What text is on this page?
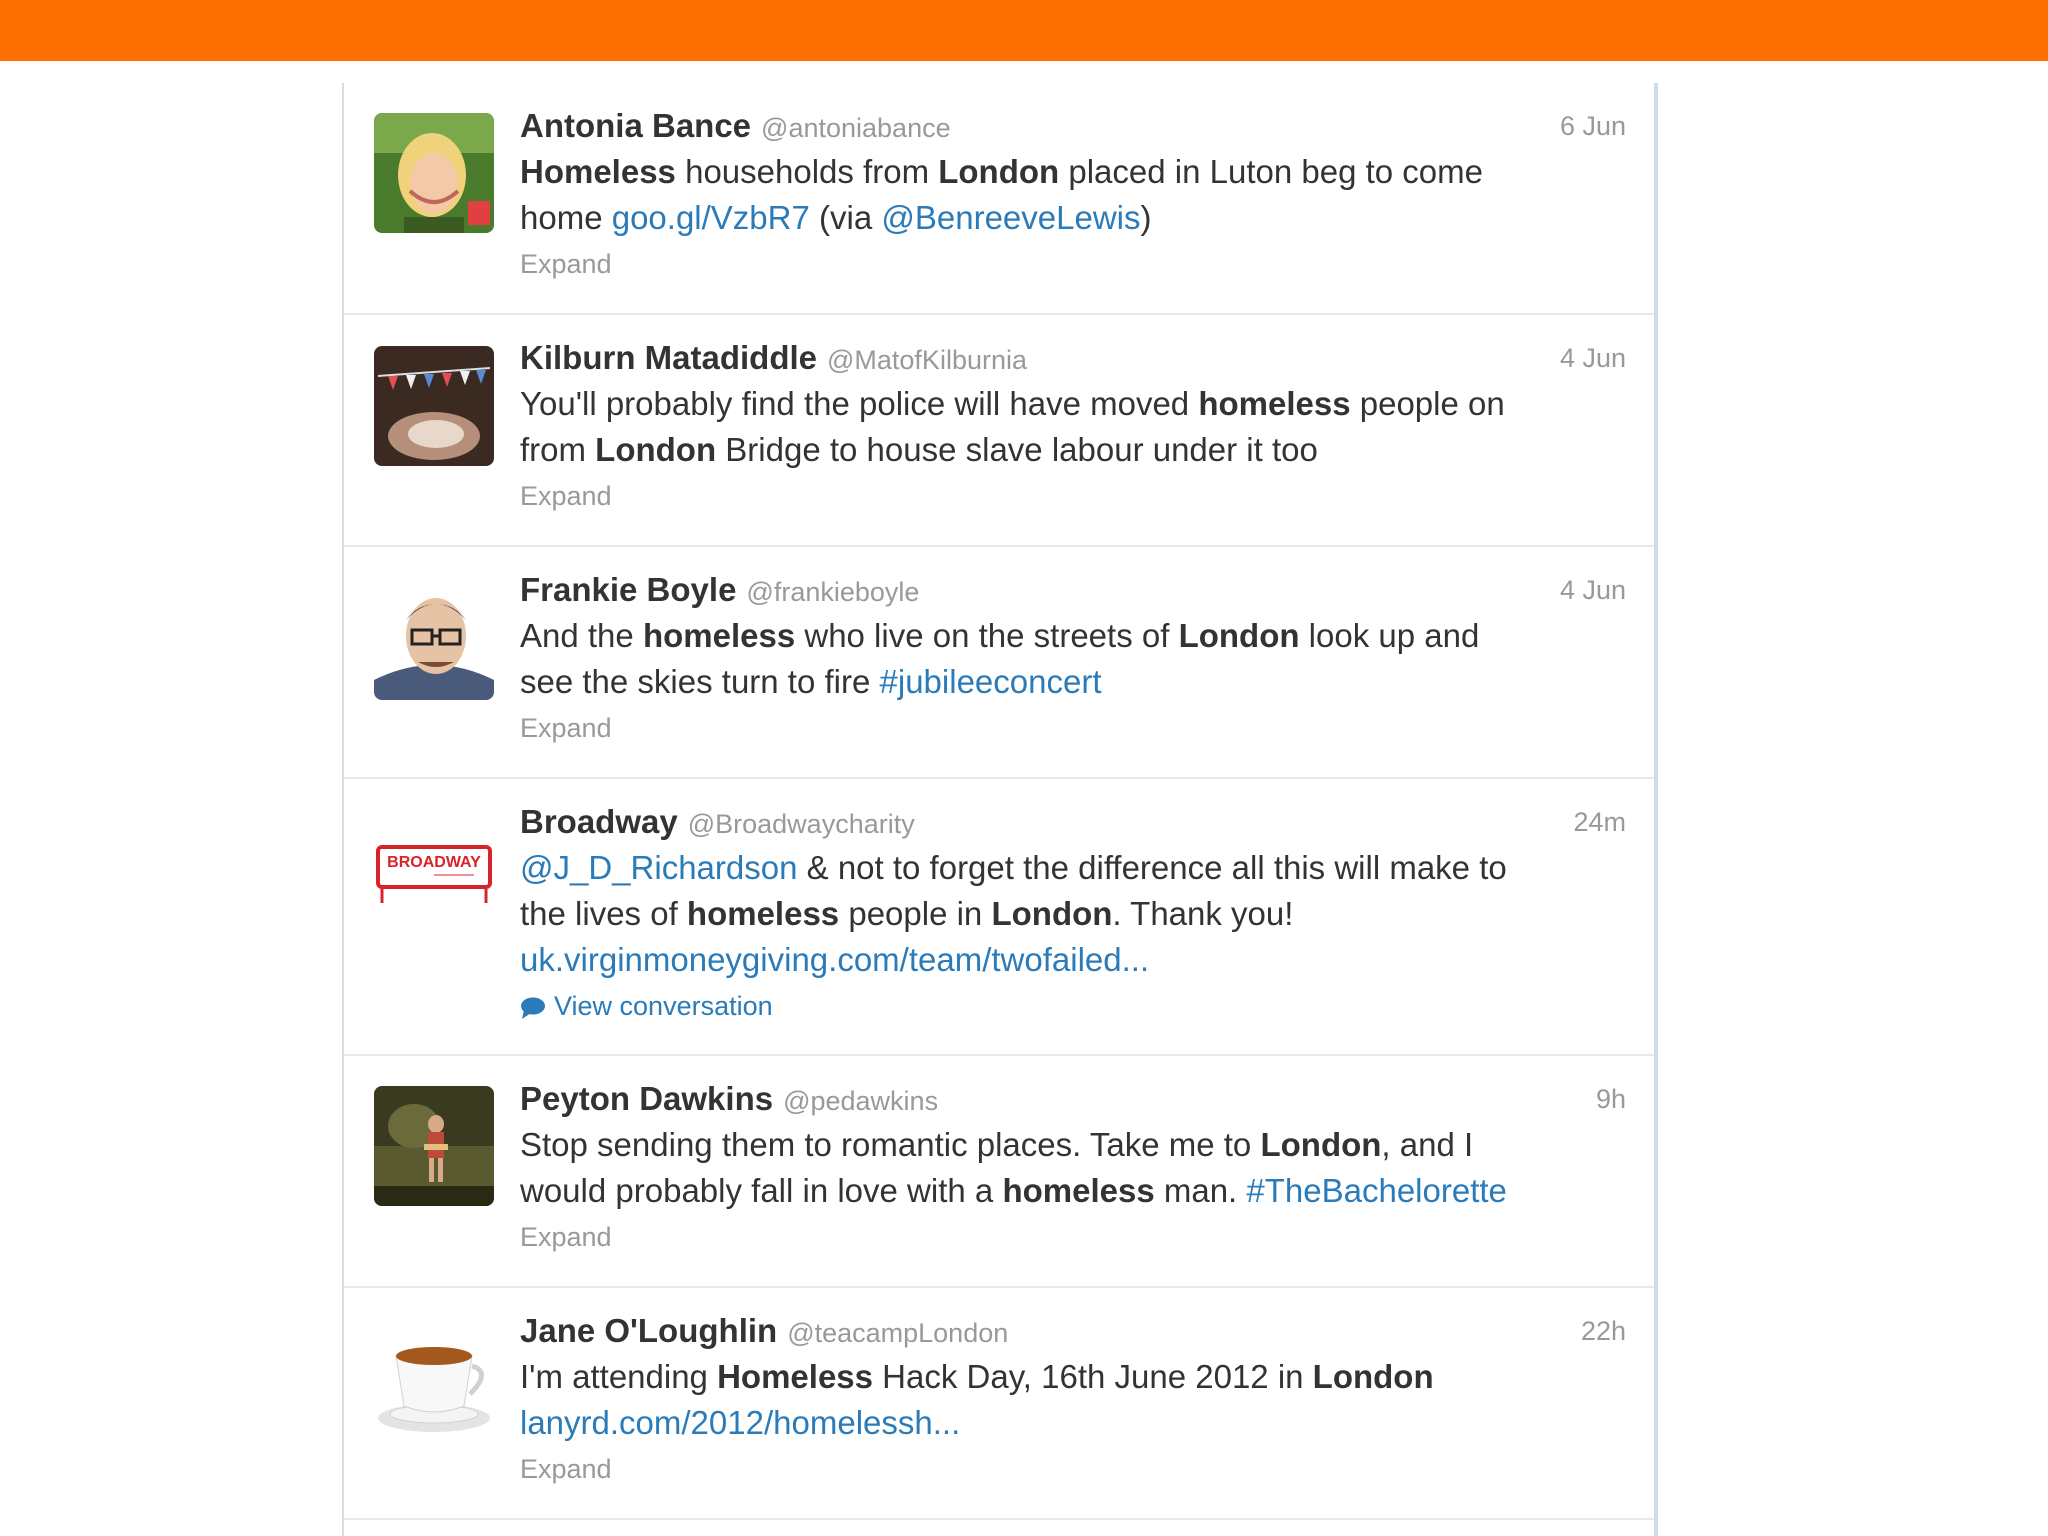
Antonia Bance @antoniabance	6 Jun
Homeless households from London placed in Luton beg to come
home goo.gl/VzbR7 (via @BenreeveLewis)
Expand
Kilburn Matadiddle @MatofKilburnia	4 Jun
You'll probably find the police will have moved homeless people on
from London Bridge to house slave labour under it too
Expand
Frankie Boyle @frankieboyle	4 Jun
And the homeless who live on the streets of London look up and
see the skies turn to fire #jubileeconcert
Expand
BROADWAY
Broadway @Broadwaycharity	24m
@J_D_Richardson & not to forget the difference all this will make to
the lives of homeless people in London. Thank you!
uk.virginmoneygiving.com/team/twofailed...
View conversation
Peyton Dawkins @pedawkins	9h
Stop sending them to romantic places. Take me to London, and I
would probably fall in love with a homeless man. #TheBachelorette
Expand
Jane O'Loughlin @teacampLondon	22h
I'm attending Homeless Hack Day, 16th June 2012 in London
lanyrd.com/2012/homelessh...
Expand
